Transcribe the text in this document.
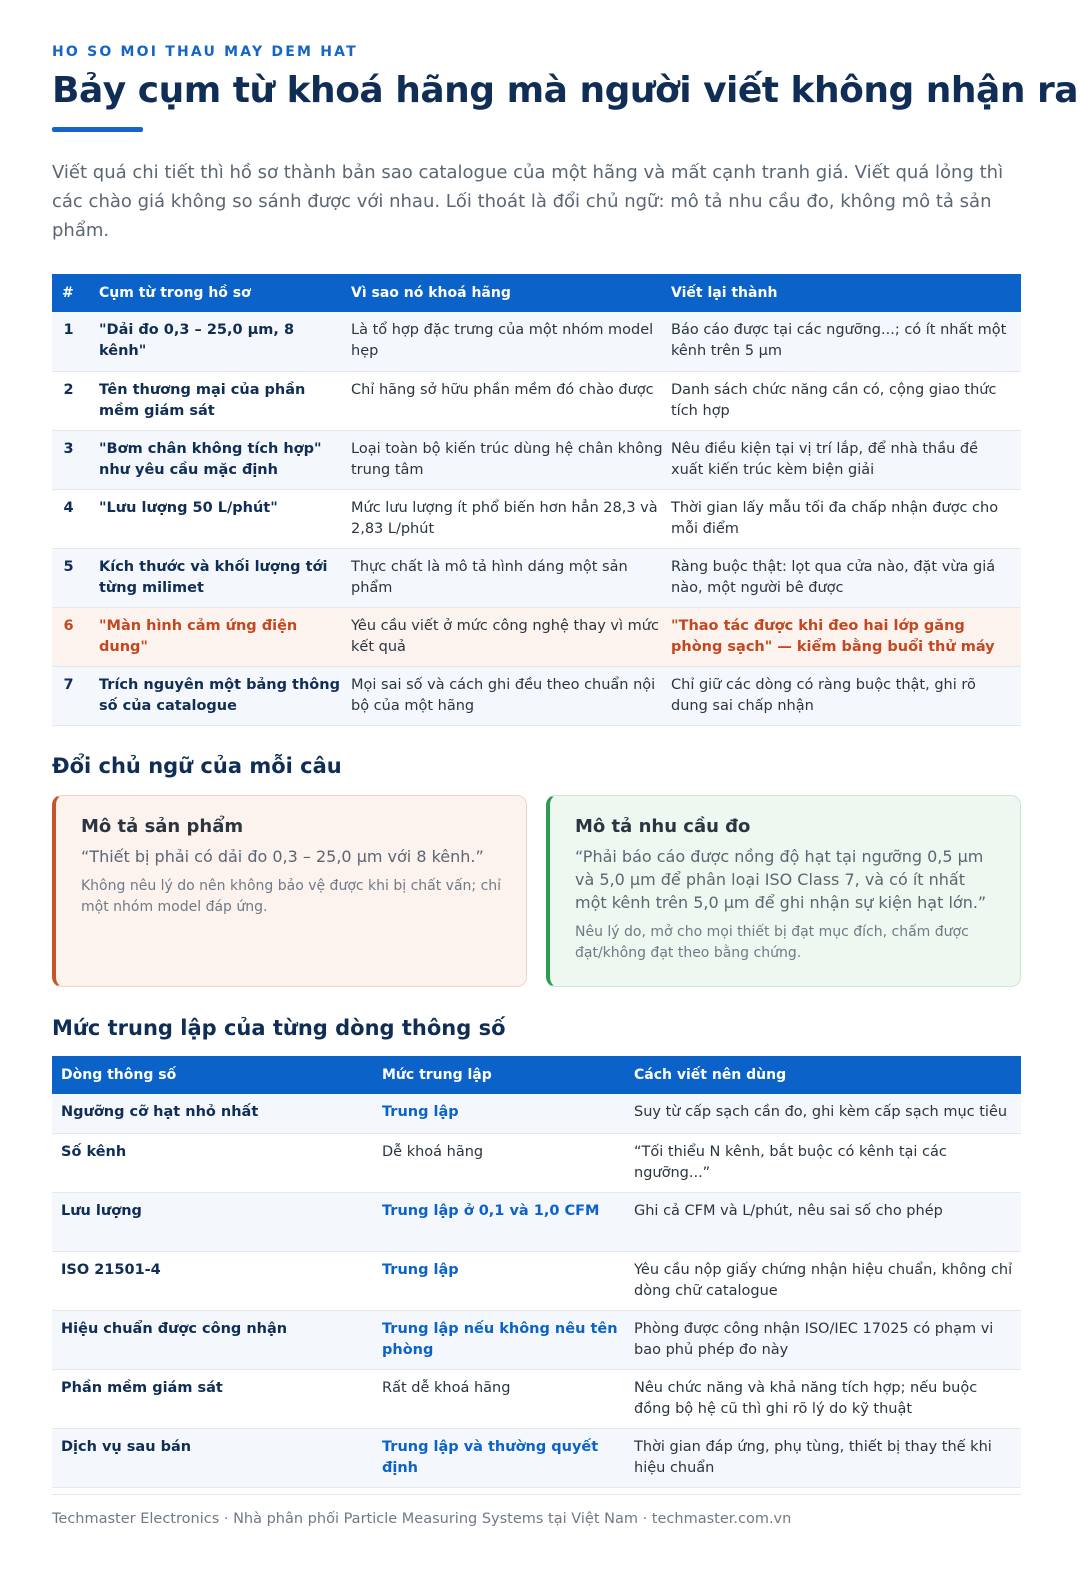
HO SO MOI THAU MAY DEM HAT
Bảy cụm từ khoá hãng mà người viết không nhận ra

Viết quá chi tiết thì hồ sơ thành bản sao catalogue của một hãng và mất cạnh tranh giá. Viết quá lỏng thì các chào giá không so sánh được với nhau. Lối thoát là đổi chủ ngữ: mô tả nhu cầu đo, không mô tả sản phẩm.

#	Cụm từ trong hồ sơ	Vì sao nó khoá hãng	Viết lại thành
1	"Dải đo 0,3 – 25,0 µm, 8 kênh"	Là tổ hợp đặc trưng của một nhóm model hẹp	Báo cáo được tại các ngưỡng...; có ít nhất một kênh trên 5 µm
2	Tên thương mại của phần mềm giám sát	Chỉ hãng sở hữu phần mềm đó chào được	Danh sách chức năng cần có, cộng giao thức tích hợp
3	"Bơm chân không tích hợp" như yêu cầu mặc định	Loại toàn bộ kiến trúc dùng hệ chân không trung tâm	Nêu điều kiện tại vị trí lắp, để nhà thầu đề xuất kiến trúc kèm biện giải
4	"Lưu lượng 50 L/phút"	Mức lưu lượng ít phổ biến hơn hẳn 28,3 và 2,83 L/phút	Thời gian lấy mẫu tối đa chấp nhận được cho mỗi điểm
5	Kích thước và khối lượng tới từng milimet	Thực chất là mô tả hình dáng một sản phẩm	Ràng buộc thật: lọt qua cửa nào, đặt vừa giá nào, một người bê được
6	"Màn hình cảm ứng điện dung"	Yêu cầu viết ở mức công nghệ thay vì mức kết quả	"Thao tác được khi đeo hai lớp găng phòng sạch" — kiểm bằng buổi thử máy
7	Trích nguyên một bảng thông số của catalogue	Mọi sai số và cách ghi đều theo chuẩn nội bộ của một hãng	Chỉ giữ các dòng có ràng buộc thật, ghi rõ dung sai chấp nhận
Đổi chủ ngữ của mỗi câu
Mô tả sản phẩm
“Thiết bị phải có dải đo 0,3 – 25,0 µm với 8 kênh.”
Không nêu lý do nên không bảo vệ được khi bị chất vấn; chỉ một nhóm model đáp ứng.
Mô tả nhu cầu đo
“Phải báo cáo được nồng độ hạt tại ngưỡng 0,5 µm và 5,0 µm để phân loại ISO Class 7, và có ít nhất một kênh trên 5,0 µm để ghi nhận sự kiện hạt lớn.”
Nêu lý do, mở cho mọi thiết bị đạt mục đích, chấm được đạt/không đạt theo bằng chứng.
Mức trung lập của từng dòng thông số
Dòng thông số	Mức trung lập	Cách viết nên dùng
Ngưỡng cỡ hạt nhỏ nhất	Trung lập	Suy từ cấp sạch cần đo, ghi kèm cấp sạch mục tiêu
Số kênh	Dễ khoá hãng	“Tối thiểu N kênh, bắt buộc có kênh tại các ngưỡng...”
Lưu lượng	Trung lập ở 0,1 và 1,0 CFM	Ghi cả CFM và L/phút, nêu sai số cho phép
ISO 21501-4	Trung lập	Yêu cầu nộp giấy chứng nhận hiệu chuẩn, không chỉ dòng chữ catalogue
Hiệu chuẩn được công nhận	Trung lập nếu không nêu tên phòng	Phòng được công nhận ISO/IEC 17025 có phạm vi bao phủ phép đo này
Phần mềm giám sát	Rất dễ khoá hãng	Nêu chức năng và khả năng tích hợp; nếu buộc đồng bộ hệ cũ thì ghi rõ lý do kỹ thuật
Dịch vụ sau bán	Trung lập và thường quyết định	Thời gian đáp ứng, phụ tùng, thiết bị thay thế khi hiệu chuẩn
Techmaster Electronics · Nhà phân phối Particle Measuring Systems tại Việt Nam · techmaster.com.vn
